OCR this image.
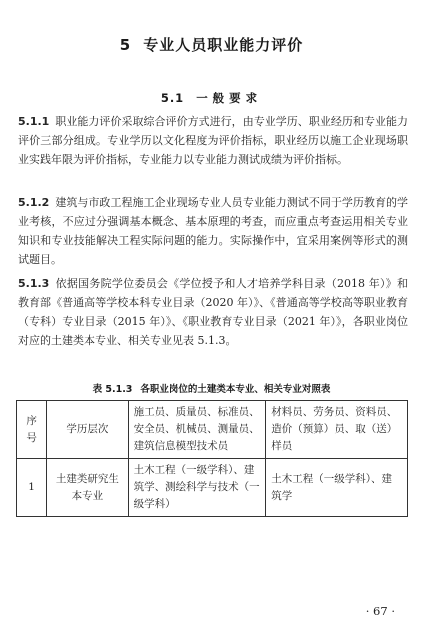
5 专业人员职业能力评价
5.1 一般要求
5.1.1 职业能力评价采取综合评价方式进行，由专业学历、职业经历和专业能力评价三部分组成。专业学历以文化程度为评价指标，职业经历以施工企业现场职业实践年限为评价指标，专业能力以专业能力测试成绩为评价指标。
5.1.2 建筑与市政工程施工企业现场专业人员专业能力测试不同于学历教育的学业考核，不应过分强调基本概念、基本原理的考查，而应重点考查运用相关专业知识和专业技能解决工程实际问题的能力。实际操作中，宜采用案例等形式的测试题目。
5.1.3 依据国务院学位委员会《学位授予和人才培养学科目录（2018 年）》和教育部《普通高等学校本科专业目录（2020 年）》、《普通高等学校高等职业教育（专科）专业目录（2015 年）》、《职业教育专业目录（2021 年）》，各职业岗位对应的土建类本专业、相关专业见表 5.1.3。
表 5.1.3 各职业岗位的土建类本专业、相关专业对照表
序号	学历层次	施工员、质量员、标准员、安全员、机械员、测量员、建筑信息模型技术员	材料员、劳务员、资料员、造价（预算）员、取（送）样员
1	土建类研究生本专业	土木工程（一级学科）、建筑学、测绘科学与技术（一级学科）	土木工程（一级学科）、建筑学
· 67 ·
